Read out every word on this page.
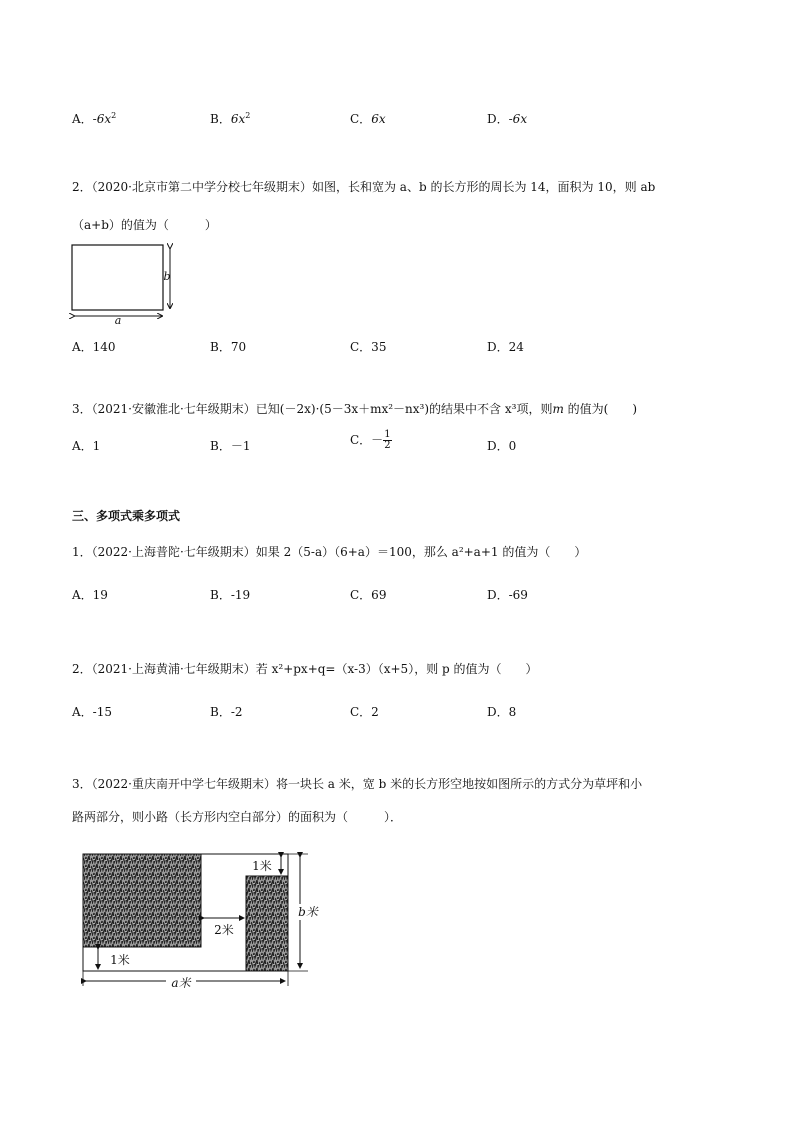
A．$-6x^2$	B．$6x^2$	C．6x	D．-6x
2．（2020·北京市第二中学分校七年级期末）如图，长和宽为 a、b 的长方形的周长为 14，面积为 10，则 ab
（a+b）的值为（　　　）
b
a
A．140	B．70	C．35	D．24
3．（2021·安徽淮北·七年级期末）已知(－2x)·(5－3x＋mx²－nx³)的结果中不含 x³项，则m 的值为(　　)
A．1	B．－1	C．－ $\frac{1}{2}$	D．0
三、多项式乘多项式
1．（2022·上海普陀·七年级期末）如果 2（5-a）（6+a）＝100，那么 a²+a+1 的值为（　　）
A．19	B．-19	C．69	D．-69
2．（2021·上海黄浦·七年级期末）若 x²+px+q=（x-3）（x+5），则 p 的值为（　　）
A．-15	B．-2	C．2	D．8
3．（2022·重庆南开中学七年级期末）将一块长 a 米，宽 b 米的长方形空地按如图所示的方式分为草坪和小
路两部分，则小路（长方形内空白部分）的面积为（　　　）．
1米
2米
1米
b米
a米
